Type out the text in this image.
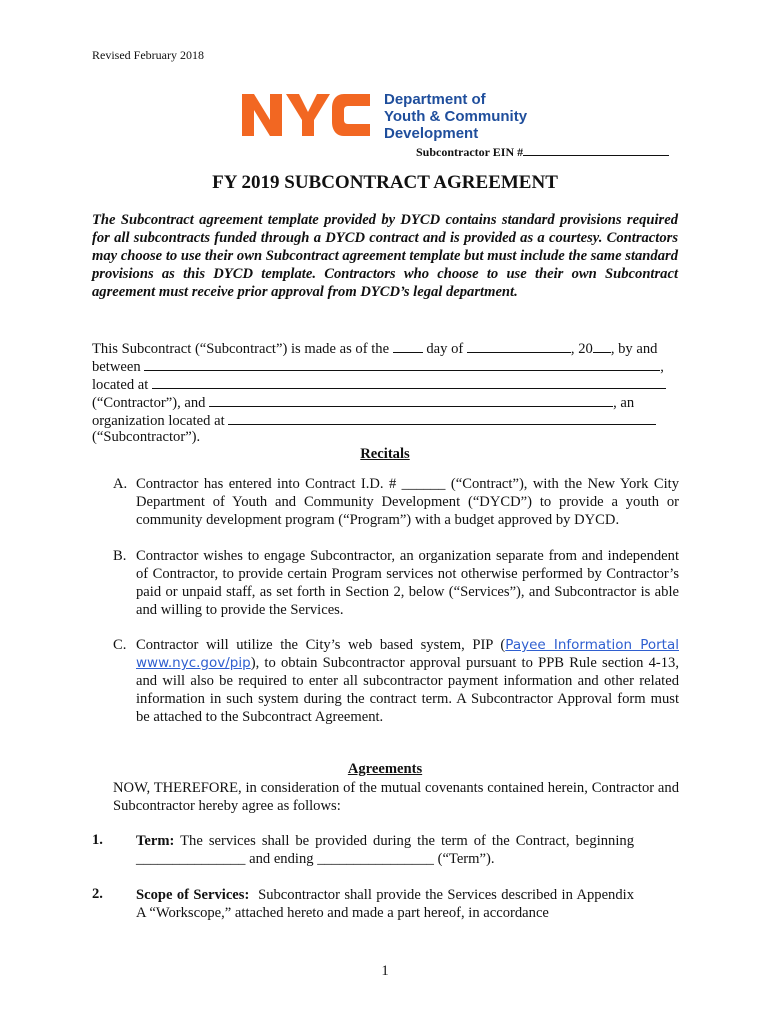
Revised February 2018
Department of
Youth & Community
Development
Subcontractor EIN #
FY 2019 SUBCONTRACT AGREEMENT
The Subcontract agreement template provided by DYCD contains standard provisions required for all subcontracts funded through a DYCD contract and is provided as a courtesy. Contractors may choose to use their own Subcontract agreement template but must include the same standard provisions as this DYCD template. Contractors who choose to use their own Subcontract agreement must receive prior approval from DYCD’s legal department.
This Subcontract (“Subcontract”) is made as of the	day of	, 20 , by and
between	,
located at
(“Contractor”), and	, an
organization located at
(“Subcontractor”).
Recitals
A. Contractor has entered into Contract I.D. # ______ (“Contract”), with the New York City Department of Youth and Community Development (“DYCD”) to provide a youth or community development program (“Program”) with a budget approved by DYCD.
B. Contractor wishes to engage Subcontractor, an organization separate from and independent of Contractor, to provide certain Program services not otherwise performed by Contractor’s paid or unpaid staff, as set forth in Section 2, below (“Services”), and Subcontractor is able and willing to provide the Services.
C. Contractor will utilize the City’s web based system, PIP (Payee Information Portal www.nyc.gov/pip), to obtain Subcontractor approval pursuant to PPB Rule section 4-13, and will also be required to enter all subcontractor payment information and other related information in such system during the contract term. A Subcontractor Approval form must be attached to the Subcontract Agreement.
Agreements
NOW, THEREFORE, in consideration of the mutual covenants contained herein, Contractor and Subcontractor hereby agree as follows:
1. Term: The services shall be provided during the term of the Contract, beginning _______________ and ending ________________ (“Term”).
2. Scope of Services: Subcontractor shall provide the Services described in Appendix A “Workscope,” attached hereto and made a part hereof, in accordance
1
